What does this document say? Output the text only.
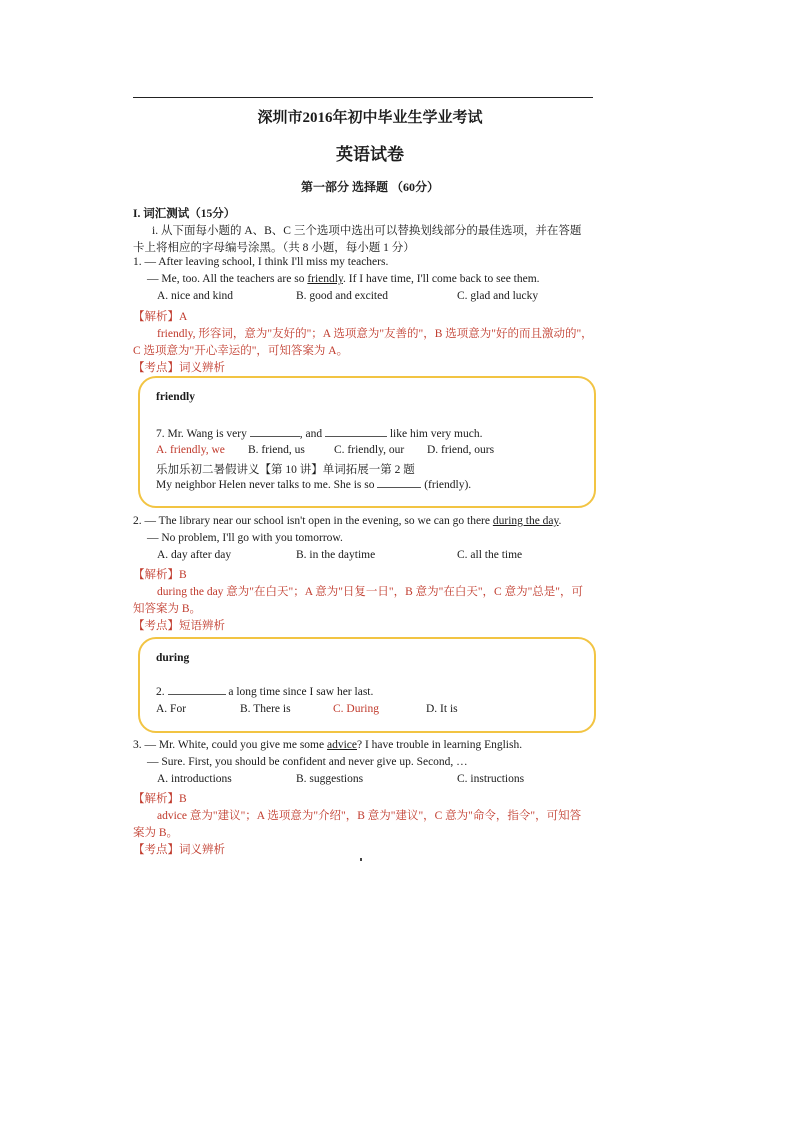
深圳市2016年初中毕业生学业考试
英语试卷
第一部分 选择题 （60分）
I. 词汇测试（15分）
i. 从下面每小题的 A、B、C 三个选项中选出可以替换划线部分的最佳选项，并在答题
卡上将相应的字母编号涂黑。（共 8 小题，每小题 1 分）
1. — After leaving school, I think I'll miss my teachers.
— Me, too. All the teachers are so friendly. If I have time, I'll come back to see them.
A. nice and kind	B. good and excited	C. glad and lucky
【解析】A
friendly, 形容词，意为"友好的"；A 选项意为"友善的"，B 选项意为"好的而且激动的"，
C 选项意为"开心幸运的"，可知答案为 A。
【考点】词义辨析
friendly
7. Mr. Wang is very	, and	like him very much.
A. friendly, we B. friend, us	C. friendly, our D. friend, ours
乐加乐初二暑假讲义【第 10 讲】单词拓展一第 2 题
My neighbor Helen never talks to me. She is so	(friendly).
2. — The library near our school isn't open in the evening, so we can go there during the day.
— No problem, I'll go with you tomorrow.
A. day after day	B. in the daytime	C. all the time
【解析】B
during the day 意为"在白天"；A 意为"日复一日"，B 意为"在白天"，C 意为"总是"，可
知答案为 B。
【考点】短语辨析
during
2.	a long time since I saw her last.
A. For	B. There is	C. During	D. It is
3. — Mr. White, could you give me some advice? I have trouble in learning English.
— Sure. First, you should be confident and never give up. Second, …
A. introductions	B. suggestions	C. instructions
【解析】B
advice 意为"建议"；A 选项意为"介绍"，B 意为"建议"，C 意为"命令，指令"，可知答
案为 B。
【考点】词义辨析
